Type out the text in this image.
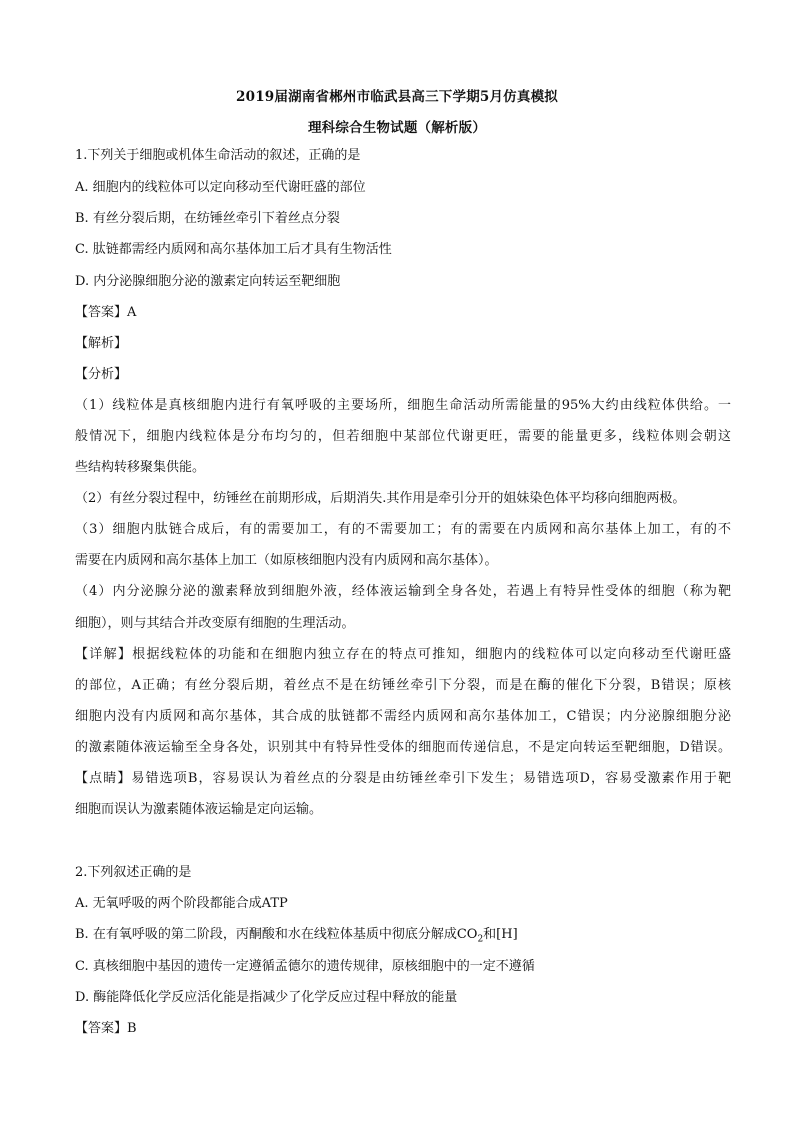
2019届湖南省郴州市临武县高三下学期5月仿真模拟
理科综合生物试题（解析版）
1.下列关于细胞或机体生命活动的叙述，正确的是
A. 细胞内的线粒体可以定向移动至代谢旺盛的部位
B. 有丝分裂后期，在纺锤丝牵引下着丝点分裂
C. 肽链都需经内质网和高尔基体加工后才具有生物活性
D. 内分泌腺细胞分泌的激素定向转运至靶细胞
【答案】A
【解析】
【分析】
（1）线粒体是真核细胞内进行有氧呼吸的主要场所，细胞生命活动所需能量的95%大约由线粒体供给。一
般情况下，细胞内线粒体是分布均匀的，但若细胞中某部位代谢更旺，需要的能量更多，线粒体则会朝这
些结构转移聚集供能。
（2）有丝分裂过程中，纺锤丝在前期形成，后期消失.其作用是牵引分开的姐妹染色体平均移向细胞两极。
（3）细胞内肽链合成后，有的需要加工，有的不需要加工；有的需要在内质网和高尔基体上加工，有的不
需要在内质网和高尔基体上加工（如原核细胞内没有内质网和高尔基体）。
（4）内分泌腺分泌的激素释放到细胞外液，经体液运输到全身各处，若遇上有特异性受体的细胞（称为靶
细胞），则与其结合并改变原有细胞的生理活动。
【详解】根据线粒体的功能和在细胞内独立存在的特点可推知，细胞内的线粒体可以定向移动至代谢旺盛
的部位，A正确；有丝分裂后期，着丝点不是在纺锤丝牵引下分裂，而是在酶的催化下分裂，B错误；原核
细胞内没有内质网和高尔基体，其合成的肽链都不需经内质网和高尔基体加工，C错误；内分泌腺细胞分泌
的激素随体液运输至全身各处，识别其中有特异性受体的细胞而传递信息，不是定向转运至靶细胞，D错误。
【点睛】易错选项B，容易误认为着丝点的分裂是由纺锤丝牵引下发生；易错选项D，容易受激素作用于靶
细胞而误认为激素随体液运输是定向运输。
2.下列叙述正确的是
A. 无氧呼吸的两个阶段都能合成ATP
B. 在有氧呼吸的第二阶段，丙酮酸和水在线粒体基质中彻底分解成$CO_2$和[H]
C. 真核细胞中基因的遗传一定遵循孟德尔的遗传规律，原核细胞中的一定不遵循
D. 酶能降低化学反应活化能是指减少了化学反应过程中释放的能量
【答案】B
